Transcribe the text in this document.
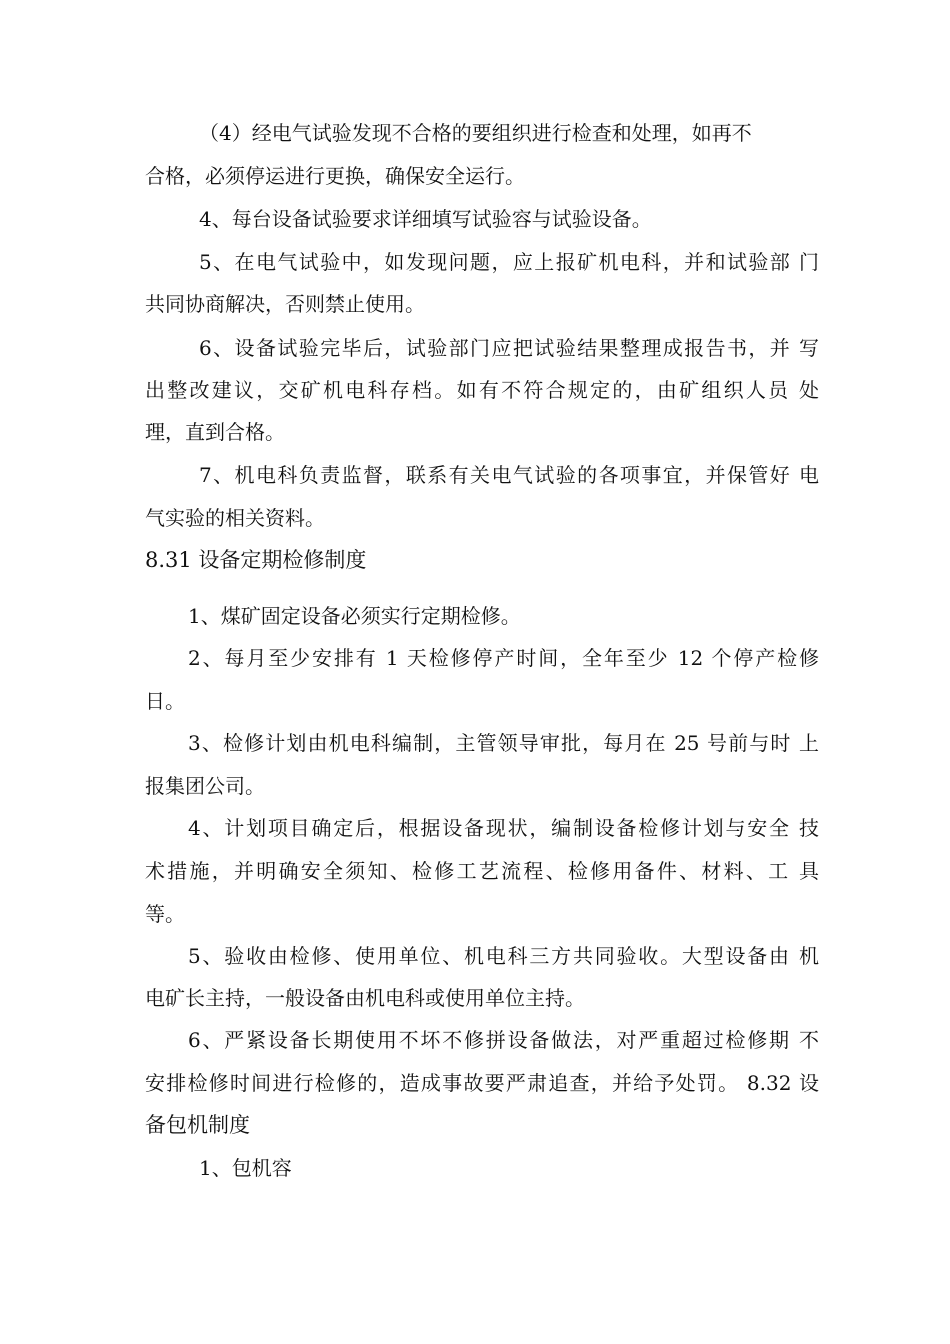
（4）经电气试验发现不合格的要组织进行检查和处理，如再不
合格，必须停运进行更换，确保安全运行。
4、每台设备试验要求详细填写试验容与试验设备。
5、在电气试验中，如发现问题，应上报矿机电科，并和试验部 门
共同协商解决，否则禁止使用。
6、设备试验完毕后，试验部门应把试验结果整理成报告书，并 写
出整改建议，交矿机电科存档。如有不符合规定的，由矿组织人员 处
理，直到合格。
7、机电科负责监督，联系有关电气试验的各项事宜，并保管好 电
气实验的相关资料。
8.31 设备定期检修制度
1、煤矿固定设备必须实行定期检修。
2、每月至少安排有 1 天检修停产时间，全年至少 12 个停产检修
日。
3、检修计划由机电科编制，主管领导审批，每月在 25 号前与时 上
报集团公司。
4、计划项目确定后，根据设备现状，编制设备检修计划与安全 技
术措施，并明确安全须知、检修工艺流程、检修用备件、材料、工 具
等。
5、验收由检修、使用单位、机电科三方共同验收。大型设备由 机
电矿长主持，一般设备由机电科或使用单位主持。
6、严紧设备长期使用不坏不修拼设备做法，对严重超过检修期 不
安排检修时间进行检修的，造成事故要严肃追查，并给予处罚。 8.32 设
备包机制度
1、包机容
